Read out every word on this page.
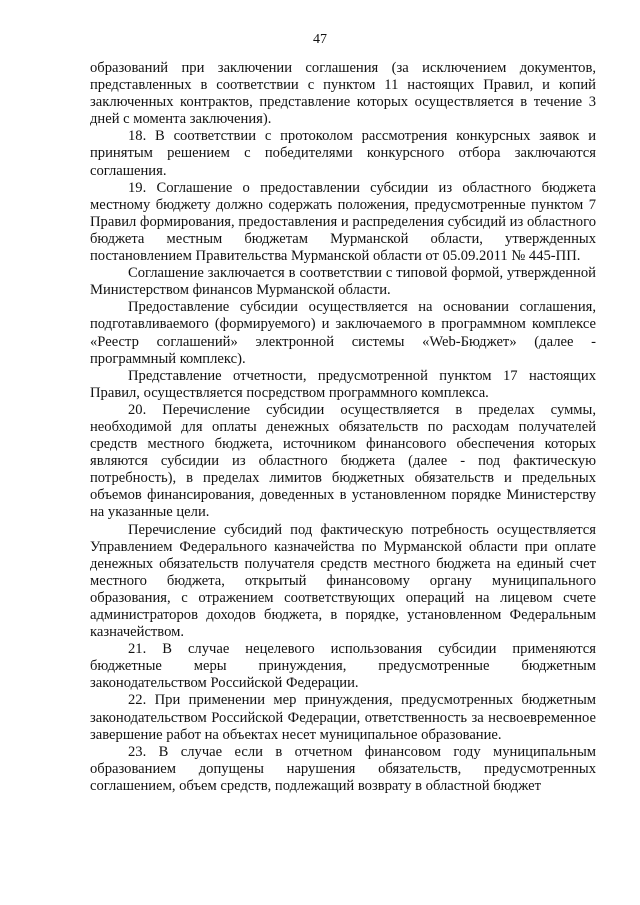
47

образований при заключении соглашения (за исключением документов, представленных в соответствии с пунктом 11 настоящих Правил, и копий заключенных контрактов, представление которых осуществляется в течение 3 дней с момента заключения).

18. В соответствии с протоколом рассмотрения конкурсных заявок и принятым решением с победителями конкурсного отбора заключаются соглашения.

19. Соглашение о предоставлении субсидии из областного бюджета местному бюджету должно содержать положения, предусмотренные пунктом 7 Правил формирования, предоставления и распределения субсидий из областного бюджета местным бюджетам Мурманской области, утвержденных постановлением Правительства Мурманской области от 05.09.2011 № 445-ПП.

Соглашение заключается в соответствии с типовой формой, утвержденной Министерством финансов Мурманской области.

Предоставление субсидии осуществляется на основании соглашения, подготавливаемого (формируемого) и заключаемого в программном комплексе «Реестр соглашений» электронной системы «Web-Бюджет» (далее - программный комплекс).

Представление отчетности, предусмотренной пунктом 17 настоящих Правил, осуществляется посредством программного комплекса.

20. Перечисление субсидии осуществляется в пределах суммы, необходимой для оплаты денежных обязательств по расходам получателей средств местного бюджета, источником финансового обеспечения которых являются субсидии из областного бюджета (далее - под фактическую потребность), в пределах лимитов бюджетных обязательств и предельных объемов финансирования, доведенных в установленном порядке Министерству на указанные цели.

Перечисление субсидий под фактическую потребность осуществляется Управлением Федерального казначейства по Мурманской области при оплате денежных обязательств получателя средств местного бюджета на единый счет местного бюджета, открытый финансовому органу муниципального образования, с отражением соответствующих операций на лицевом счете администраторов доходов бюджета, в порядке, установленном Федеральным казначейством.

21. В случае нецелевого использования субсидии применяются бюджетные меры принуждения, предусмотренные бюджетным законодательством Российской Федерации.

22. При применении мер принуждения, предусмотренных бюджетным законодательством Российской Федерации, ответственность за несвоевременное завершение работ на объектах несет муниципальное образование.

23. В случае если в отчетном финансовом году муниципальным образованием допущены нарушения обязательств, предусмотренных соглашением, объем средств, подлежащий возврату в областной бюджет
